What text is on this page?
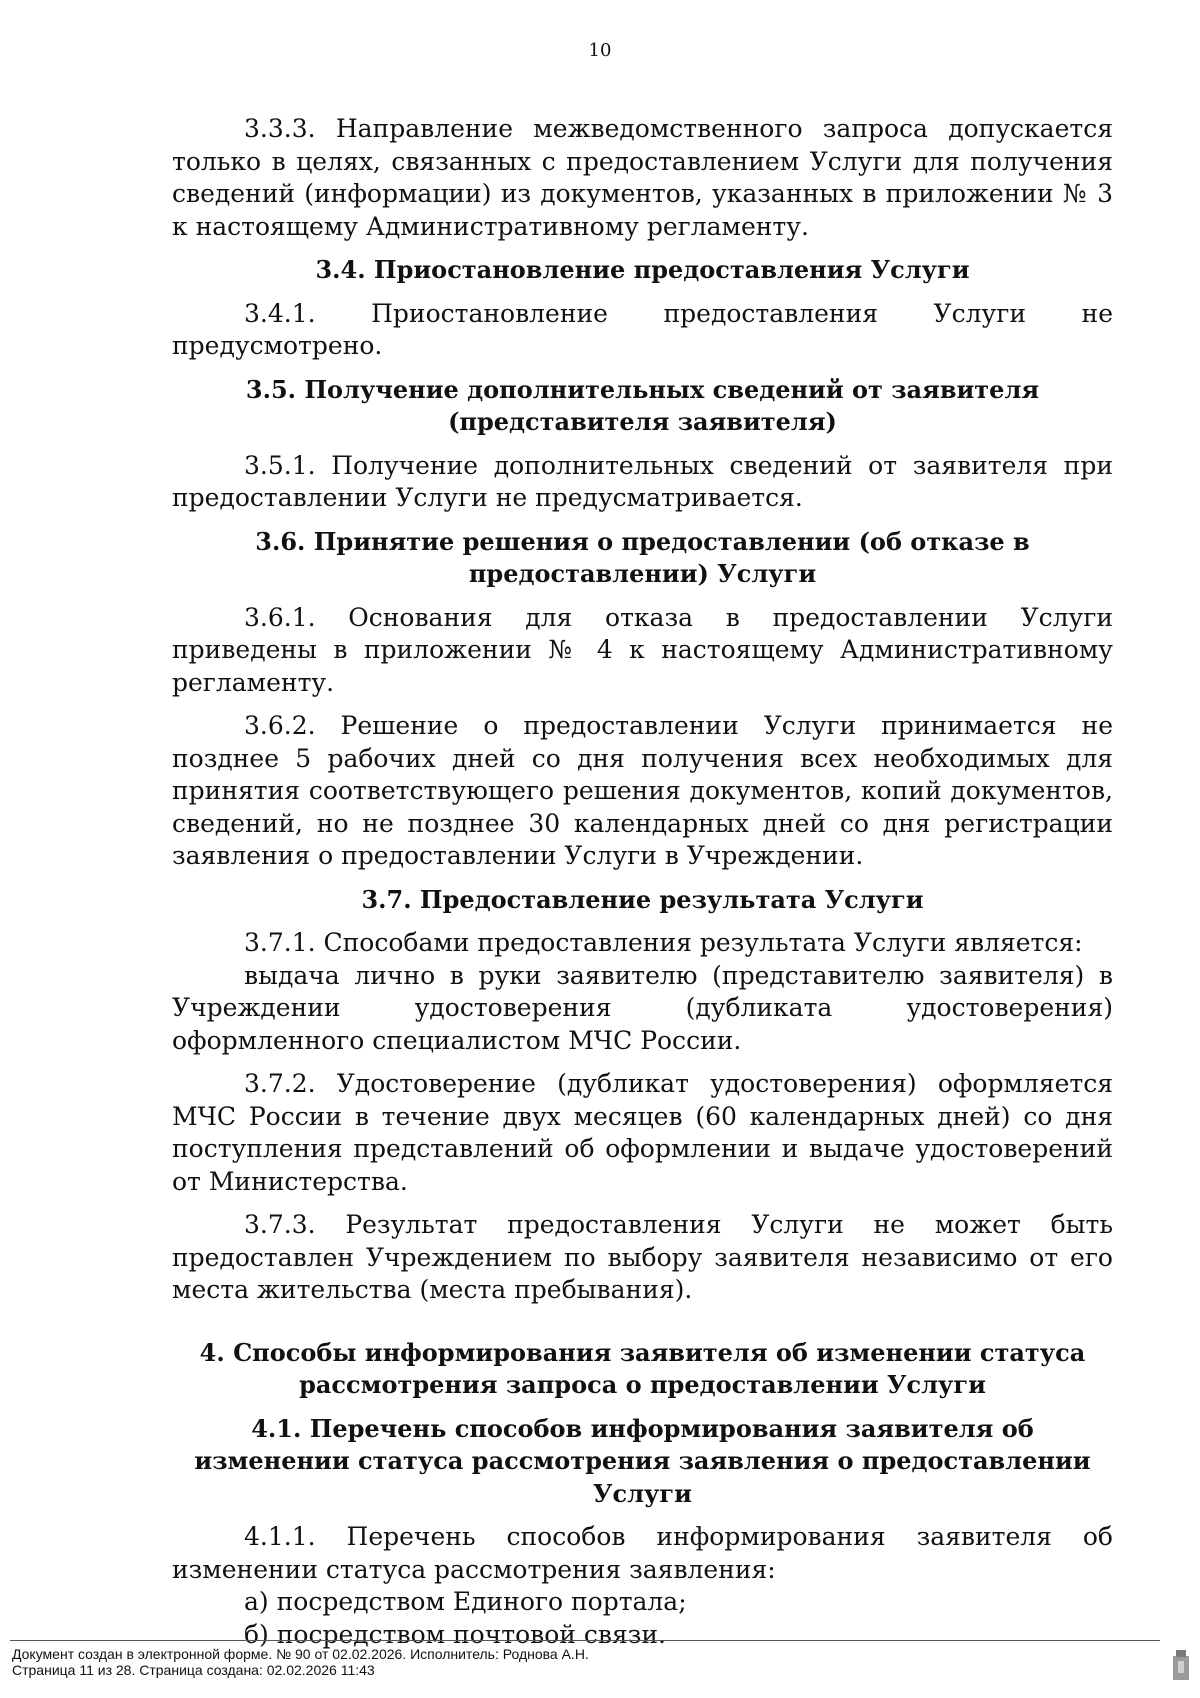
10

3.3.3. Направление межведомственного запроса допускается только в целях, связанных с предоставлением Услуги для получения сведений (информации) из документов, указанных в приложении № 3 к настоящему Административному регламенту.

3.4. Приостановление предоставления Услуги

3.4.1. Приостановление предоставления Услуги не предусмотрено.

3.5. Получение дополнительных сведений от заявителя (представителя заявителя)

3.5.1. Получение дополнительных сведений от заявителя при предоставлении Услуги не предусматривается.

3.6. Принятие решения о предоставлении (об отказе в предоставлении) Услуги

3.6.1. Основания для отказа в предоставлении Услуги приведены в приложении № 4 к настоящему Административному регламенту.

3.6.2. Решение о предоставлении Услуги принимается не позднее 5 рабочих дней со дня получения всех необходимых для принятия соответствующего решения документов, копий документов, сведений, но не позднее 30 календарных дней со дня регистрации заявления о предоставлении Услуги в Учреждении.

3.7. Предоставление результата Услуги

3.7.1. Способами предоставления результата Услуги является:

выдача лично в руки заявителю (представителю заявителя) в Учреждении удостоверения (дубликата удостоверения) оформленного специалистом МЧС России.

3.7.2. Удостоверение (дубликат удостоверения) оформляется МЧС России в течение двух месяцев (60 календарных дней) со дня поступления представлений об оформлении и выдаче удостоверений от Министерства.

3.7.3. Результат предоставления Услуги не может быть предоставлен Учреждением по выбору заявителя независимо от его места жительства (места пребывания).

4. Способы информирования заявителя об изменении статуса рассмотрения запроса о предоставлении Услуги
4.1. Перечень способов информирования заявителя об изменении статуса рассмотрения заявления о предоставлении Услуги

4.1.1. Перечень способов информирования заявителя об изменении статуса рассмотрения заявления:

а) посредством Единого портала;

б) посредством почтовой связи.

Документ создан в электронной форме. № 90 от 02.02.2026. Исполнитель: Роднова А.Н.
Страница 11 из 28. Страница создана: 02.02.2026 11:43
